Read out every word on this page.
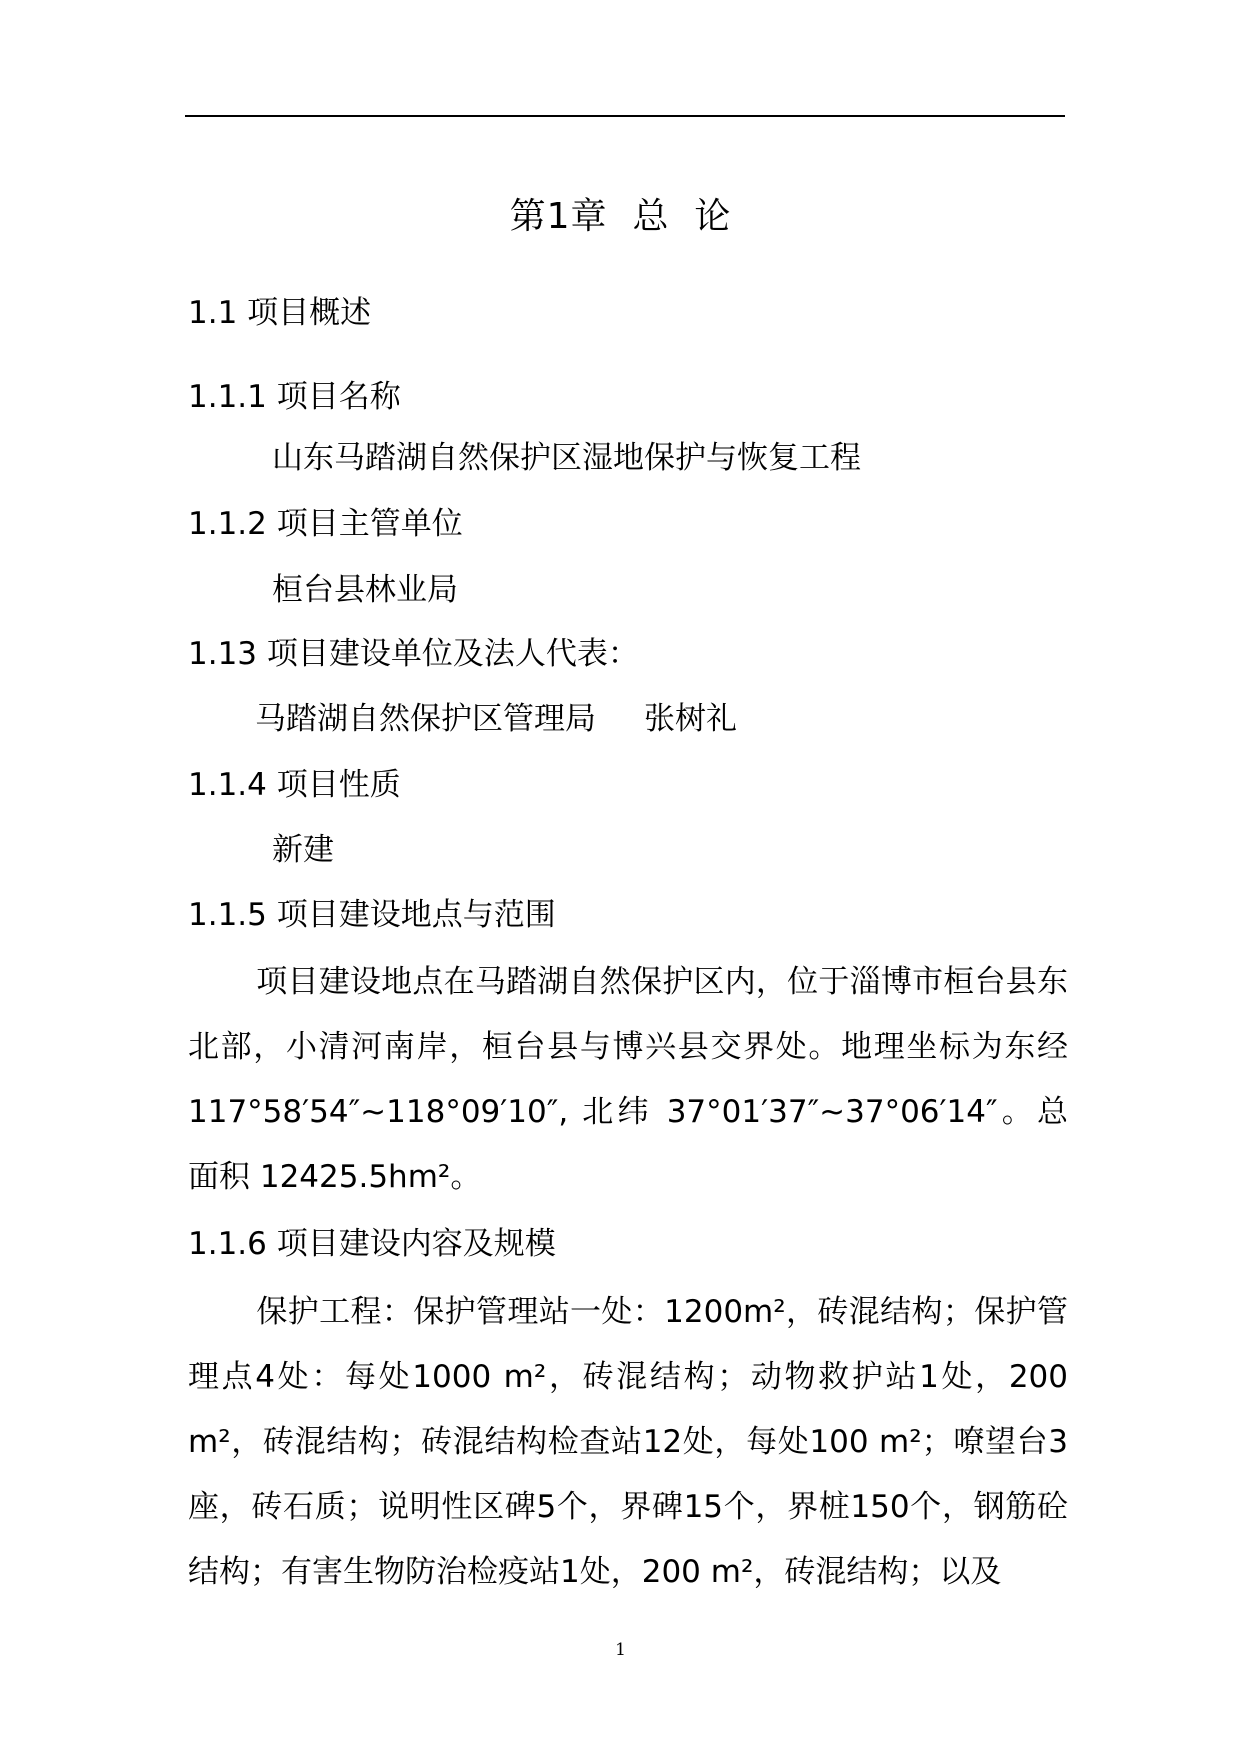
第1章  总  论
1.1 项目概述
1.1.1 项目名称
山东马踏湖自然保护区湿地保护与恢复工程
1.1.2 项目主管单位
桓台县林业局
1.13 项目建设单位及法人代表：
马踏湖自然保护区管理局 张树礼
1.1.4 项目性质
新建
1.1.5 项目建设地点与范围
项目建设地点在马踏湖自然保护区内，位于淄博市桓台县东北部，小清河南岸，桓台县与博兴县交界处。地理坐标为东经 117°58′54″~118°09′10″, 北纬 37°01′37″~37°06′14″。总面积 12425.5hm²。
1.1.6 项目建设内容及规模
保护工程：保护管理站一处：1200m²，砖混结构；保护管理点4处：每处1000 m²，砖混结构；动物救护站1处，200 m²，砖混结构；砖混结构检查站12处，每处100 m²；嘹望台3座，砖石质；说明性区碑5个，界碑15个，界桩150个，钢筋砼结构；有害生物防治检疫站1处，200 m²，砖混结构；以及
1
